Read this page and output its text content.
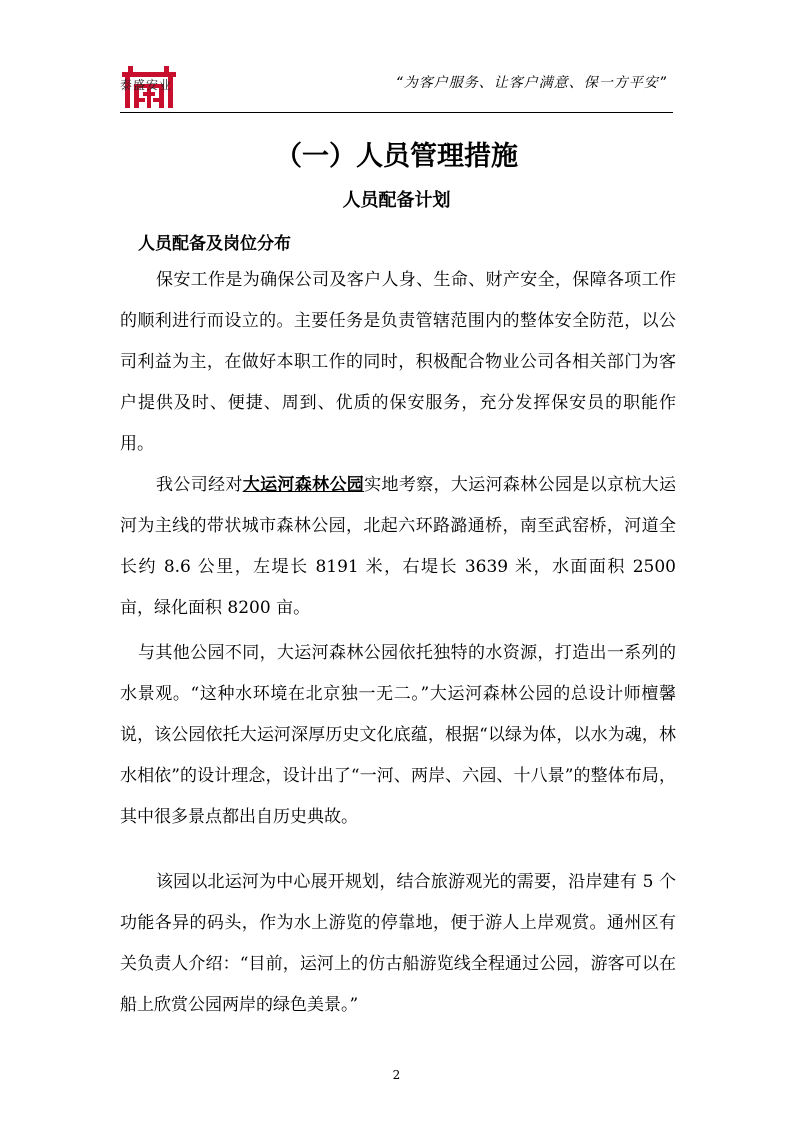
泰盛安业	“为客户服务、让客户满意、保一方平安”
（一）人员管理措施
人员配备计划
人员配备及岗位分布

保安工作是为确保公司及客户人身、生命、财产安全，保障各项工作的顺利进行而设立的。主要任务是负责管辖范围内的整体安全防范，以公司利益为主，在做好本职工作的同时，积极配合物业公司各相关部门为客户提供及时、便捷、周到、优质的保安服务，充分发挥保安员的职能作用。

我公司经对大运河森林公园实地考察，大运河森林公园是以京杭大运河为主线的带状城市森林公园，北起六环路潞通桥，南至武窑桥，河道全长约 8.6 公里，左堤长 8191 米，右堤长 3639 米，水面面积 2500 亩，绿化面积 8200 亩。

与其他公园不同，大运河森林公园依托独特的水资源，打造出一系列的水景观。“这种水环境在北京独一无二。”大运河森林公园的总设计师檀馨说，该公园依托大运河深厚历史文化底蕴，根据“以绿为体，以水为魂，林水相依”的设计理念，设计出了“一河、两岸、六园、十八景”的整体布局，其中很多景点都出自历史典故。

该园以北运河为中心展开规划，结合旅游观光的需要，沿岸建有 5 个功能各异的码头，作为水上游览的停靠地，便于游人上岸观赏。通州区有关负责人介绍：“目前，运河上的仿古船游览线全程通过公园，游客可以在船上欣赏公园两岸的绿色美景。”

2
